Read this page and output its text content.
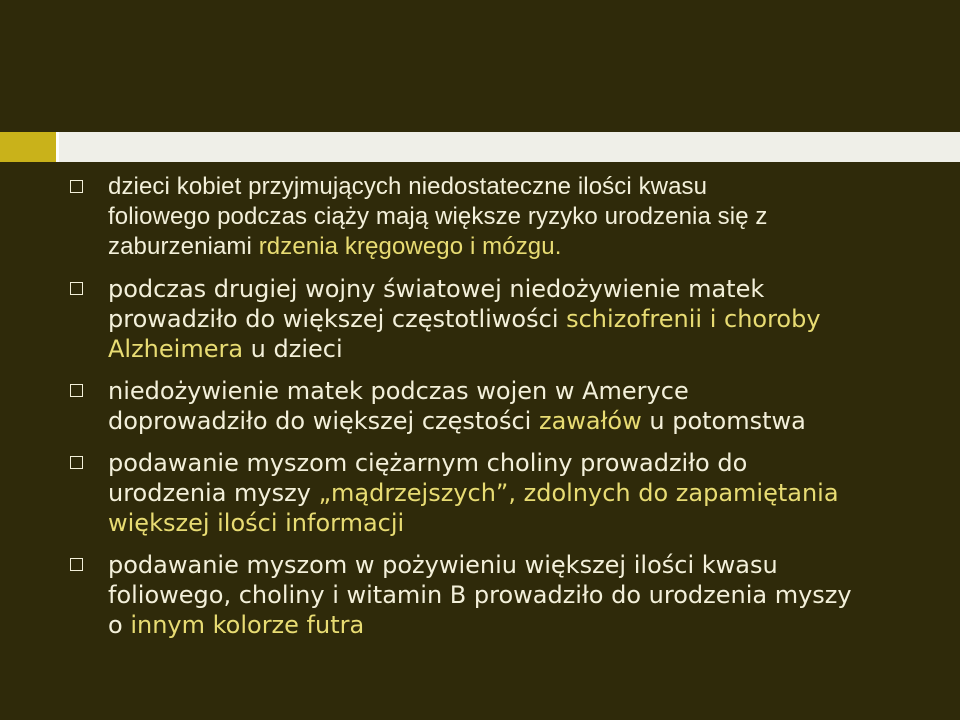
dzieci kobiet przyjmujących niedostateczne ilości kwasu
foliowego podczas ciąży mają większe ryzyko urodzenia się z
zaburzeniami rdzenia kręgowego i mózgu.
podczas drugiej wojny światowej niedożywienie matek
prowadziło do większej częstotliwości schizofrenii i choroby
Alzheimera u dzieci
niedożywienie matek podczas wojen w Ameryce
doprowadziło do większej częstości zawałów u potomstwa
podawanie myszom ciężarnym choliny prowadziło do
urodzenia myszy „mądrzejszych”, zdolnych do zapamiętania
większej ilości informacji
podawanie myszom w pożywieniu większej ilości kwasu
foliowego, choliny i witamin B prowadziło do urodzenia myszy
o innym kolorze futra
